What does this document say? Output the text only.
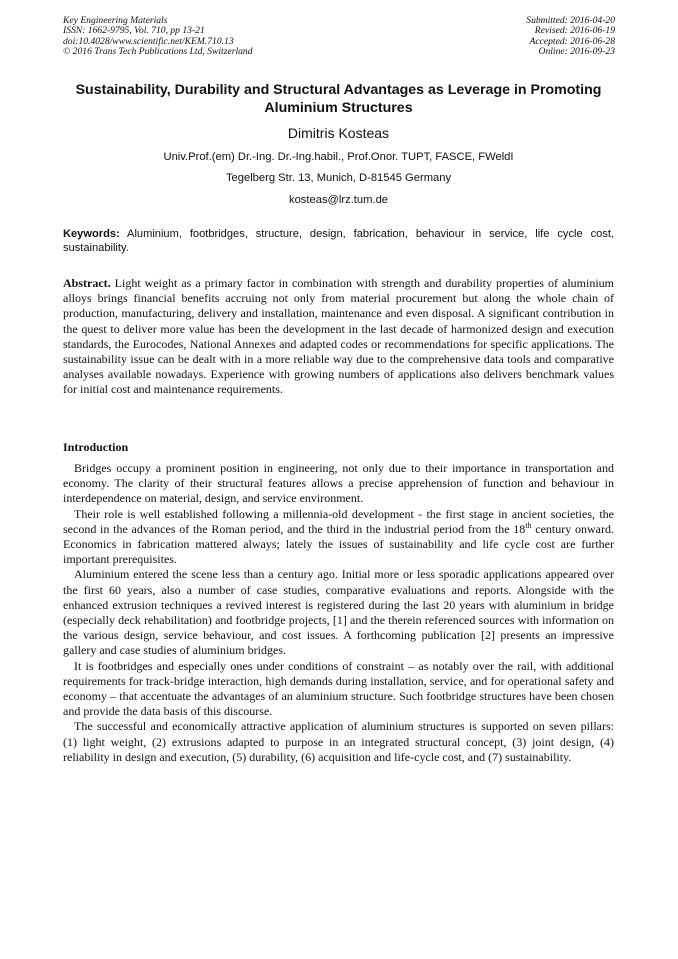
Key Engineering Materials
ISSN: 1662-9795, Vol. 710, pp 13-21
doi:10.4028/www.scientific.net/KEM.710.13
© 2016 Trans Tech Publications Ltd, Switzerland
Submitted: 2016-04-20
Revised: 2016-06-19
Accepted: 2016-06-28
Online: 2016-09-23
Sustainability, Durability and Structural Advantages as Leverage in Promoting Aluminium Structures
Dimitris Kosteas
Univ.Prof.(em) Dr.-Ing. Dr.-Ing.habil., Prof.Onor. TUPT, FASCE, FWeldI
Tegelberg Str. 13, Munich, D-81545 Germany
kosteas@lrz.tum.de
Keywords: Aluminium, footbridges, structure, design, fabrication, behaviour in service, life cycle cost, sustainability.
Abstract. Light weight as a primary factor in combination with strength and durability properties of aluminium alloys brings financial benefits accruing not only from material procurement but along the whole chain of production, manufacturing, delivery and installation, maintenance and even disposal. A significant contribution in the quest to deliver more value has been the development in the last decade of harmonized design and execution standards, the Eurocodes, National Annexes and adapted codes or recommendations for specific applications. The sustainability issue can be dealt with in a more reliable way due to the comprehensive data tools and comparative analyses available nowadays. Experience with growing numbers of applications also delivers benchmark values for initial cost and maintenance requirements.
Introduction

Bridges occupy a prominent position in engineering, not only due to their importance in transportation and economy. The clarity of their structural features allows a precise apprehension of function and behaviour in interdependence on material, design, and service environment.

Their role is well established following a millennia-old development - the first stage in ancient societies, the second in the advances of the Roman period, and the third in the industrial period from the 18th century onward. Economics in fabrication mattered always; lately the issues of sustainability and life cycle cost are further important prerequisites.

Aluminium entered the scene less than a century ago. Initial more or less sporadic applications appeared over the first 60 years, also a number of case studies, comparative evaluations and reports. Alongside with the enhanced extrusion techniques a revived interest is registered during the last 20 years with aluminium in bridge (especially deck rehabilitation) and footbridge projects, [1] and the therein referenced sources with information on the various design, service behaviour, and cost issues. A forthcoming publication [2] presents an impressive gallery and case studies of aluminium bridges.

It is footbridges and especially ones under conditions of constraint – as notably over the rail, with additional requirements for track-bridge interaction, high demands during installation, service, and for operational safety and economy – that accentuate the advantages of an aluminium structure. Such footbridge structures have been chosen and provide the data basis of this discourse.

The successful and economically attractive application of aluminium structures is supported on seven pillars: (1) light weight, (2) extrusions adapted to purpose in an integrated structural concept, (3) joint design, (4) reliability in design and execution, (5) durability, (6) acquisition and life-cycle cost, and (7) sustainability.
